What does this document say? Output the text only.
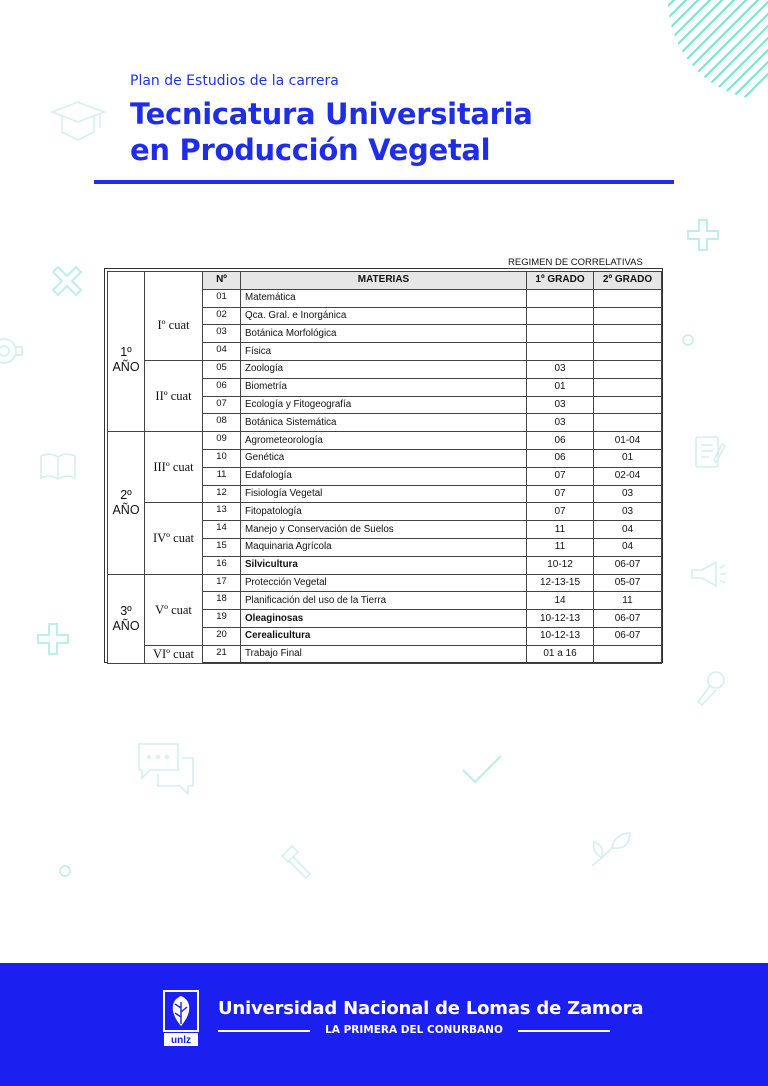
Plan de Estudios de la carrera
Tecnicatura Universitaria
en Producción Vegetal
REGIMEN DE CORRELATIVAS
		Nº	MATERIAS	1º GRADO	2º GRADO
1º
AÑO	Iº cuat	01	Matemática		
		02	Qca. Gral. e Inorgánica		
		03	Botánica Morfológica		
		04	Física		
	IIº cuat	05	Zoología	03	
		06	Biometría	01	
		07	Ecología y Fitogeografía	03	
		08	Botánica Sistemática	03	
2º
AÑO	IIIº cuat	09	Agrometeorología	06	01-04
		10	Genética	06	01
		11	Edafología	07	02-04
		12	Fisiología Vegetal	07	03
	IVº cuat	13	Fitopatología	07	03
		14	Manejo y Conservación de Suelos	11	04
		15	Maquinaria Agrícola	11	04
		16	Silvicultura	10-12	06-07
3º
AÑO	Vº cuat	17	Protección Vegetal	12-13-15	05-07
		18	Planificación del uso de la Tierra	14	11
		19	Oleaginosas	10-12-13	06-07
		20	Cerealicultura	10-12-13	06-07
	VIº cuat	21	Trabajo Final	01 a 16	
unlz
Universidad Nacional de Lomas de Zamora
LA PRIMERA DEL CONURBANO
